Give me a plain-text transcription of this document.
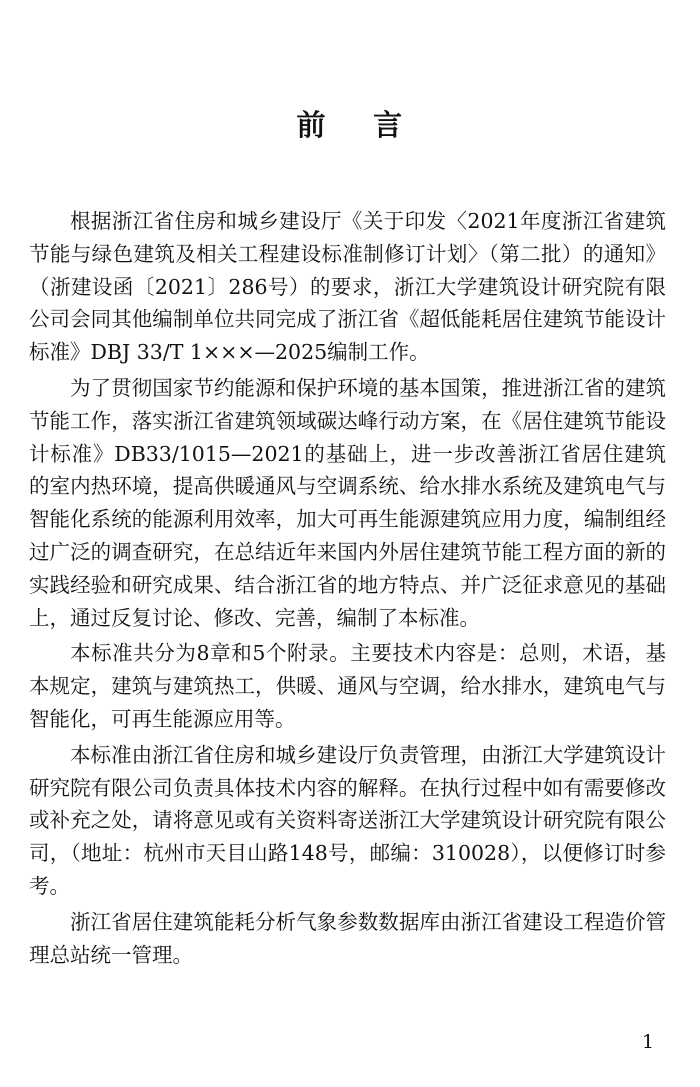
前    言

根据浙江省住房和城乡建设厅《关于印发〈2021年度浙江省建筑节能与绿色建筑及相关工程建设标准制修订计划〉（第二批）的通知》（浙建设函〔2021〕286号）的要求，浙江大学建筑设计研究院有限公司会同其他编制单位共同完成了浙江省《超低能耗居住建筑节能设计标准》DBJ 33/T 1×××—2025编制工作。

为了贯彻国家节约能源和保护环境的基本国策，推进浙江省的建筑节能工作，落实浙江省建筑领域碳达峰行动方案，在《居住建筑节能设计标准》DB33/1015—2021的基础上，进一步改善浙江省居住建筑的室内热环境，提高供暖通风与空调系统、给水排水系统及建筑电气与智能化系统的能源利用效率，加大可再生能源建筑应用力度，编制组经过广泛的调查研究，在总结近年来国内外居住建筑节能工程方面的新的实践经验和研究成果、结合浙江省的地方特点、并广泛征求意见的基础上，通过反复讨论、修改、完善，编制了本标准。

本标准共分为8章和5个附录。主要技术内容是：总则，术语，基本规定，建筑与建筑热工，供暖、通风与空调，给水排水，建筑电气与智能化，可再生能源应用等。

本标准由浙江省住房和城乡建设厅负责管理，由浙江大学建筑设计研究院有限公司负责具体技术内容的解释。在执行过程中如有需要修改或补充之处，请将意见或有关资料寄送浙江大学建筑设计研究院有限公司，（地址：杭州市天目山路148号，邮编：310028），以便修订时参考。

浙江省居住建筑能耗分析气象参数数据库由浙江省建设工程造价管理总站统一管理。

1
